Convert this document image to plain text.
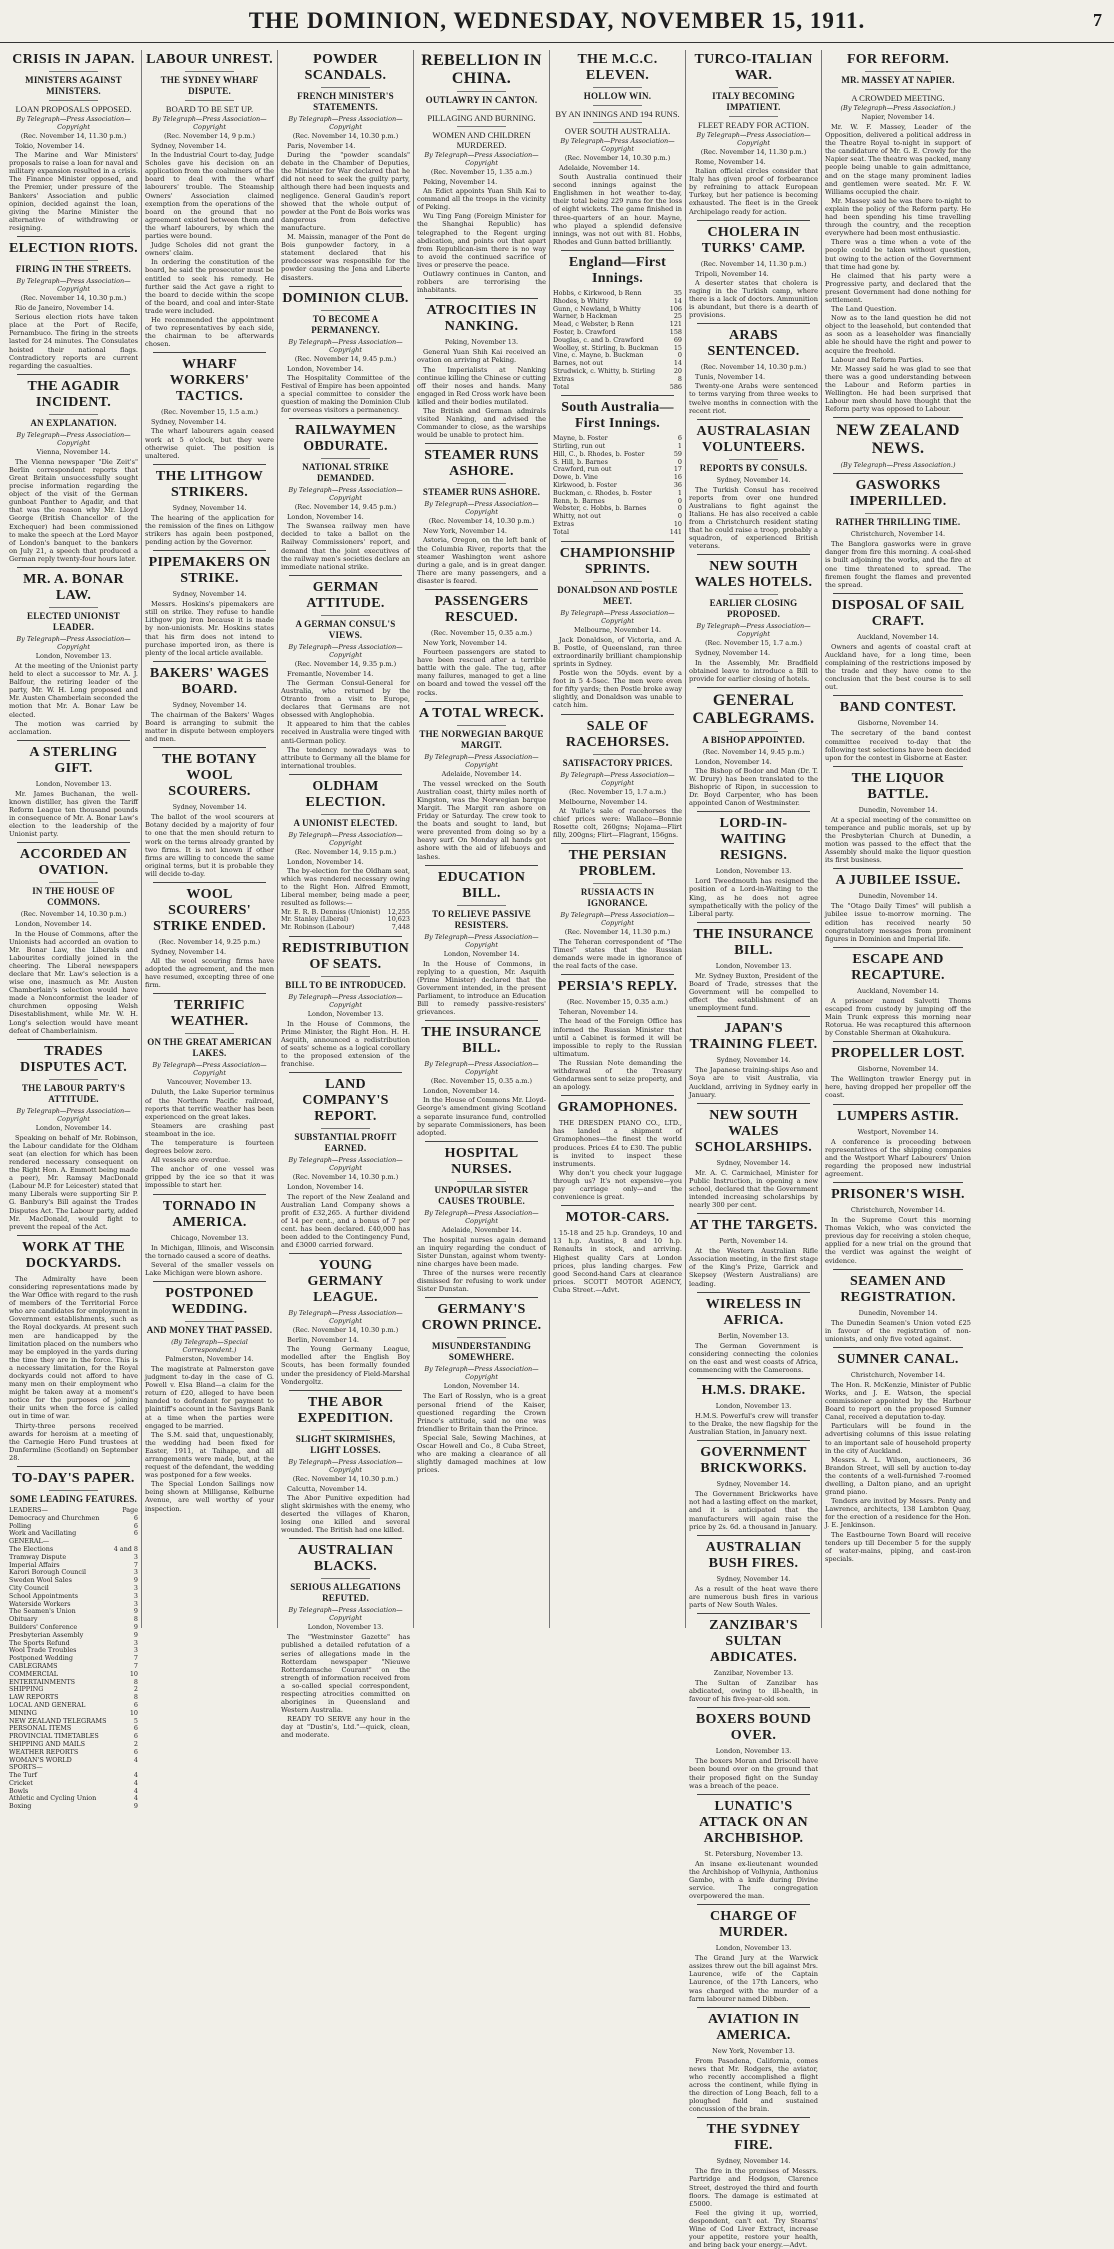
THE DOMINION, WEDNESDAY, NOVEMBER 15, 1911.	7
CRISIS IN JAPAN.
MINISTERS AGAINST MINISTERS.
LOAN PROPOSALS OPPOSED.
By Telegraph—Press Association—Copyright
(Rec. November 14, 11.30 p.m.)

Tokio, November 14.

The Marine and War Ministers' proposals to raise a loan for naval and military expansion resulted in a crisis. The Finance Minister opposed, and the Premier, under pressure of the Bankers' Association and public opinion, decided against the loan, giving the Marine Minister the alternative of withdrawing or resigning.

ELECTION RIOTS.
FIRING IN THE STREETS.
By Telegraph—Press Association—Copyright
(Rec. November 14, 10.30 p.m.)

Rio de Janeiro, November 14.

Serious election riots have taken place at the Port of Recife, Pernambuco. The firing in the streets lasted for 24 minutes. The Consulates hoisted their national flags. Contradictory reports are current regarding the casualties.

THE AGADIR INCIDENT.
AN EXPLANATION.
By Telegraph—Press Association—Copyright
Vienna, November 14.

The Vienna newspaper "Die Zeit's" Berlin correspondent reports that Great Britain unsuccessfully sought precise information regarding the object of the visit of the German gunboat Panther to Agadir, and that that was the reason why Mr. Lloyd George (British Chancellor of the Exchequer) had been commissioned to make the speech at the Lord Mayor of London's banquet to the bankers on July 21, a speech that produced a German reply twenty-four hours later.

MR. A. BONAR LAW.
ELECTED UNIONIST LEADER.
By Telegraph—Press Association—Copyright
London, November 13.

At the meeting of the Unionist party held to elect a successor to Mr. A. J. Balfour, the retiring leader of the party, Mr. W. H. Long proposed and Mr. Austen Chamberlain seconded the motion that Mr. A. Bonar Law be elected.

The motion was carried by acclamation.

A STERLING GIFT.
London, November 13.

Mr. James Buchanan, the well-known distiller, has given the Tariff Reform League ten thousand pounds in consequence of Mr. A. Bonar Law's election to the leadership of the Unionist party.

ACCORDED AN OVATION.
IN THE HOUSE OF COMMONS.
(Rec. November 14, 10.30 p.m.)

London, November 14.

In the House of Commons, after the Unionists had accorded an ovation to Mr. Bonar Law, the Liberals and Labourites cordially joined in the cheering. The Liberal newspapers declare that Mr. Law's selection is a wise one, inasmuch as Mr. Austen Chamberlain's selection would have made a Nonconformist the leader of churchmen opposing Welsh Disestablishment, while Mr. W. H. Long's selection would have meant defeat of Chamberlainism.

TRADES DISPUTES ACT.
THE LABOUR PARTY'S ATTITUDE.
By Telegraph—Press Association—Copyright
London, November 14.

Speaking on behalf of Mr. Robinson, the Labour candidate for the Oldham seat (an election for which has been rendered necessary consequent on the Right Hon. A. Emmott being made a peer), Mr. Ramsay MacDonald (Labour M.P. for Leicester) stated that many Liberals were supporting Sir P. G. Banbury's Bill against the Trades Disputes Act. The Labour party, added Mr. MacDonald, would fight to prevent the repeal of the Act.

WORK AT THE DOCKYARDS.

The Admiralty have been considering representations made by the War Office with regard to the rush of members of the Territorial Force who are candidates for employment in Government establishments, such as the Royal dockyards. At present such men are handicapped by the limitation placed on the numbers who may be employed in the yards during the time they are in the force. This is a necessary limitation, for the Royal dockyards could not afford to have many men on their employment who might be taken away at a moment's notice for the purposes of joining their units when the force is called out in time of war.

Thirty-three persons received awards for heroism at a meeting of the Carnegie Hero Fund trustees at Dunfermline (Scotland) on September 28.

TO-DAY'S PAPER.
SOME LEADING FEATURES.
LEADERS—	Page
Democracy and Churchmen	6
Polling	6
Work and Vacillating	6
GENERAL—
The Elections	4 and 8
Tramway Dispute	3
Imperial Affairs	7
Karori Borough Council	3
Sweden Wool Sales	9
City Council	3
School Appointments	3
Waterside Workers	3
The Seamen's Union	9
Obituary	8
Builders' Conference	9
Presbyterian Assembly	9
The Sports Refund	3
Wool Trade Troubles	3
Postponed Wedding	7
CABLEGRAMS	7
COMMERCIAL	10
ENTERTAINMENTS	8
SHIPPING	2
LAW REPORTS	8
LOCAL AND GENERAL	6
MINING	10
NEW ZEALAND TELEGRAMS	5
PERSONAL ITEMS	6
PROVINCIAL TIMETABLES	6
SHIPPING AND MAILS	2
WEATHER REPORTS	6
WOMAN'S WORLD	4
SPORTS—
The Turf	4
Cricket	4
Bowls	4
Athletic and Cycling Union	4
Boxing	9
LABOUR UNREST.
THE SYDNEY WHARF DISPUTE.
BOARD TO BE SET UP.
By Telegraph—Press Association—Copyright
(Rec. November 14, 9 p.m.)

Sydney, November 14.

In the Industrial Court to-day, Judge Scholes gave his decision on an application from the coalminers of the board to deal with the wharf labourers' trouble. The Steamship Owners' Association claimed exemption from the operations of the board on the ground that no agreement existed between them and the wharf labourers, by which the parties were bound.

Judge Scholes did not grant the owners' claim.

In ordering the constitution of the board, he said the prosecutor must be entitled to seek his remedy. He further said the Act gave a right to the board to decide within the scope of the board, and coal and inter-State trade were included.

He recommended the appointment of two representatives by each side, the chairman to be afterwards chosen.

WHARF WORKERS' TACTICS.
(Rec. November 15, 1.5 a.m.)

Sydney, November 14.

The wharf labourers again ceased work at 5 o'clock, but they were otherwise quiet. The position is unaltered.

THE LITHGOW STRIKERS.
Sydney, November 14.

The hearing of the application for the remission of the fines on Lithgow strikers has again been postponed, pending action by the Governor.

PIPEMAKERS ON STRIKE.
Sydney, November 14.

Messrs. Hoskins's pipemakers are still on strike. They refuse to handle Lithgow pig iron because it is made by non-unionists. Mr. Hoskins states that his firm does not intend to purchase imported iron, as there is plenty of the local article available.

BAKERS' WAGES BOARD.
Sydney, November 14.

The chairman of the Bakers' Wages Board is arranging to submit the matter in dispute between employers and men.

THE BOTANY WOOL SCOURERS.
Sydney, November 14.

The ballot of the wool scourers at Botany decided by a majority of four to one that the men should return to work on the terms already granted by two firms. It is not known if other firms are willing to concede the same original terms, but it is probable they will decide to-day.

WOOL SCOURERS' STRIKE ENDED.
(Rec. November 14, 9.25 p.m.)

Sydney, November 14.

All the wool scouring firms have adopted the agreement, and the men have resumed, excepting three of one firm.

TERRIFIC WEATHER.
ON THE GREAT AMERICAN LAKES.
By Telegraph—Press Association—Copyright
Vancouver, November 13.

Duluth, the Lake Superior terminus of the Northern Pacific railroad, reports that terrific weather has been experienced on the great lakes.

Steamers are crashing past steamboat in the ice.

The temperature is fourteen degrees below zero.

All vessels are overdue.

The anchor of one vessel was gripped by the ice so that it was impossible to start her.

TORNADO IN AMERICA.
Chicago, November 13.

In Michigan, Illinois, and Wisconsin the tornado caused a score of deaths.

Several of the smaller vessels on Lake Michigan were blown ashore.

POSTPONED WEDDING.
AND MONEY THAT PASSED.
(By Telegraph—Special Correspondent.)
Palmerston, November 14.

The magistrate at Palmerston gave judgment to-day in the case of G. Powell v. Elsa Bland—a claim for the return of £20, alleged to have been handed to defendant for payment to plaintiff's account in the Savings Bank at a time when the parties were engaged to be married.

The S.M. said that, unquestionably, the wedding had been fixed for Easter, 1911, at Taihape, and all arrangements were made, but, at the request of the defendant, the wedding was postponed for a few weeks.

The Special London Sailings now being shown at Milliganse, Kelburne Avenue, are well worthy of your inspection.

POWDER SCANDALS.
FRENCH MINISTER'S STATEMENTS.
By Telegraph—Press Association—Copyright
(Rec. November 14, 10.30 p.m.)

Paris, November 14.

During the "powder scandals" debate in the Chamber of Deputies, the Minister for War declared that he did not need to seek the guilty party, although there had been inquests and negligence. General Gaudin's report showed that the whole output of powder at the Pont de Bois works was dangerous from defective manufacture.

M. Maissin, manager of the Pont de Bois gunpowder factory, in a statement declared that his predecessor was responsible for the powder causing the Jena and Liberte disasters.

DOMINION CLUB.
TO BECOME A PERMANENCY.
By Telegraph—Press Association—Copyright
(Rec. November 14, 9.45 p.m.)

London, November 14.

The Hospitality Committee of the Festival of Empire has been appointed a special committee to consider the question of making the Dominion Club for overseas visitors a permanency.

RAILWAYMEN OBDURATE.
NATIONAL STRIKE DEMANDED.
By Telegraph—Press Association—Copyright
(Rec. November 14, 9.45 p.m.)

London, November 14.

The Swansea railway men have decided to take a ballot on the Railway Commissioners' report, and demand that the joint executives of the railway men's societies declare an immediate national strike.

GERMAN ATTITUDE.
A GERMAN CONSUL'S VIEWS.
By Telegraph—Press Association—Copyright
(Rec. November 14, 9.35 p.m.)

Fremantle, November 14.

The German Consul-General for Australia, who returned by the Otranto from a visit to Europe, declares that Germans are not obsessed with Anglophobia.

It appeared to him that the cables received in Australia were tinged with anti-German policy.

The tendency nowadays was to attribute to Germany all the blame for international troubles.

OLDHAM ELECTION.
A UNIONIST ELECTED.
By Telegraph—Press Association—Copyright
(Rec. November 14, 9.15 p.m.)

London, November 14.

The by-election for the Oldham seat, which was rendered necessary owing to the Right Hon. Alfred Emmott, Liberal member, being made a peer, resulted as follows:—

Mr. E. R. B. Denniss (Unionist) 12,255
Mr. Stanley (Liberal)	10,623
Mr. Robinson (Labour)	7,448
REDISTRIBUTION OF SEATS.
BILL TO BE INTRODUCED.
By Telegraph—Press Association—Copyright
London, November 13.

In the House of Commons, the Prime Minister, the Right Hon. H. H. Asquith, announced a redistribution of seats' scheme as a logical corollary to the proposed extension of the franchise.

LAND COMPANY'S REPORT.
SUBSTANTIAL PROFIT EARNED.
By Telegraph—Press Association—Copyright
(Rec. November 14, 10.30 p.m.)

London, November 14.

The report of the New Zealand and Australian Land Company shows a profit of £32,265. A further dividend of 14 per cent., and a bonus of 7 per cent. has been declared. £40,000 has been added to the Contingency Fund, and £3000 carried forward.

YOUNG GERMANY LEAGUE.
By Telegraph—Press Association—Copyright
(Rec. November 14, 10.30 p.m.)

Berlin, November 14.

The Young Germany League, modelled after the English Boy Scouts, has been formally founded under the presidency of Field-Marshal Vondergoltz.

THE ABOR EXPEDITION.
SLIGHT SKIRMISHES, LIGHT LOSSES.
By Telegraph—Press Association—Copyright
(Rec. November 14, 10.30 p.m.)

Calcutta, November 14.

The Abor Punitive expedition had slight skirmishes with the enemy, who deserted the villages of Kharon, losing one killed and several wounded. The British had one killed.

AUSTRALIAN BLACKS.
SERIOUS ALLEGATIONS REFUTED.
By Telegraph—Press Association—Copyright
London, November 13.

The "Westminster Gazette" has published a detailed refutation of a series of allegations made in the Rotterdam newspaper "Nieuwe Rotterdamsche Courant" on the strength of information received from a so-called special correspondent, respecting atrocities committed on aborigines in Queensland and Western Australia.

READY TO SERVE any hour in the day at "Dustin's, Ltd."—quick, clean, and moderate.

REBELLION IN CHINA.
OUTLAWRY IN CANTON.
PILLAGING AND BURNING.
WOMEN AND CHILDREN MURDERED.
By Telegraph—Press Association—Copyright
(Rec. November 15, 1.35 a.m.)

Peking, November 14.

An Edict appoints Yuan Shih Kai to command all the troops in the vicinity of Peking.

Wu Ting Fang (Foreign Minister for the Shanghai Republic) has telegraphed to the Regent urging abdication, and points out that apart from Republican-ism there is no way to avoid the continued sacrifice of lives or preserve the peace.

Outlawry continues in Canton, and robbers are terrorising the inhabitants.

ATROCITIES IN NANKING.
Peking, November 13.

General Yuan Shih Kai received an ovation on arriving at Peking.

The Imperialists at Nanking continue killing the Chinese or cutting off their noses and hands. Many engaged in Red Cross work have been killed and their bodies mutilated.

The British and German admirals visited Nanking, and advised the Commander to close, as the warships would be unable to protect him.

STEAMER RUNS ASHORE.
STEAMER RUNS ASHORE.
By Telegraph—Press Association—Copyright
(Rec. November 14, 10.30 p.m.)

New York, November 14.

Astoria, Oregon, on the left bank of the Columbia River, reports that the steamer Washington went ashore during a gale, and is in great danger. There are many passengers, and a disaster is feared.

PASSENGERS RESCUED.
(Rec. November 15, 0.35 a.m.)

New York, November 14.

Fourteen passengers are stated to have been rescued after a terrible battle with the gale. The tug, after many failures, managed to get a line on board and towed the vessel off the rocks.

A TOTAL WRECK.
THE NORWEGIAN BARQUE MARGIT.
By Telegraph—Press Association—Copyright
Adelaide, November 14.

The vessel wrecked on the South Australian coast, thirty miles north of Kingston, was the Norwegian barque Margit. The Margit ran ashore on Friday or Saturday. The crew took to the boats and sought to land, but were prevented from doing so by a heavy surf. On Monday all hands got ashore with the aid of lifebuoys and lashes.

EDUCATION BILL.
TO RELIEVE PASSIVE RESISTERS.
By Telegraph—Press Association—Copyright
London, November 14.

In the House of Commons, in replying to a question, Mr. Asquith (Prime Minister) declared that the Government intended, in the present Parliament, to introduce an Education Bill to remedy passive-resisters' grievances.

THE INSURANCE BILL.
By Telegraph—Press Association—Copyright
(Rec. November 15, 0.35 a.m.)

London, November 14.

In the House of Commons Mr. Lloyd-George's amendment giving Scotland a separate insurance fund, controlled by separate Commissioners, has been adopted.

HOSPITAL NURSES.
UNPOPULAR SISTER CAUSES TROUBLE.
By Telegraph—Press Association—Copyright
Adelaide, November 14.

The hospital nurses again demand an inquiry regarding the conduct of Sister Dunstan, against whom twenty-nine charges have been made.

Three of the nurses were recently dismissed for refusing to work under Sister Dunstan.

GERMANY'S CROWN PRINCE.
MISUNDERSTANDING SOMEWHERE.
By Telegraph—Press Association—Copyright
London, November 14.

The Earl of Rosslyn, who is a great personal friend of the Kaiser, questioned regarding the Crown Prince's attitude, said no one was friendlier to Britain than the Prince.

Special Sale, Sewing Machines, at Oscar Howell and Co., 8 Cuba Street, who are making a clearance of all slightly damaged machines at low prices.

THE M.C.C. ELEVEN.
HOLLOW WIN.
BY AN INNINGS AND 194 RUNS.
OVER SOUTH AUSTRALIA.
By Telegraph—Press Association—Copyright
(Rec. November 14, 10.30 p.m.)

Adelaide, November 14.

South Australia continued their second innings against the Englishmen in hot weather to-day, their total being 229 runs for the loss of eight wickets. The game finished in three-quarters of an hour. Mayne, who played a splendid defensive innings, was not out with 81. Hobbs, Rhodes and Gunn batted brilliantly.

England—First Innings.
Hobbs, c Kirkwood, b Renn	35
Rhodes, b Whitty	14
Gunn, c Newland, b Whitty	106
Warner, b Hackman	25
Mead, c Webster, b Renn	121
Foster, b. Crawford	158
Douglas, c. and b. Crawford	69
Woolley, st. Stirling, b. Buckman 15
Vine, c. Mayne, b. Buckman	0
Barnes, not out	14
Strudwick, c. Whitty, b. Stirling	20
Extras	8
Total	586
South Australia—First Innings.
Mayne, b. Foster	6
Stirling, run out	1
Hill, C., b. Rhodes, b. Foster	59
S. Hill, b. Barnes	0
Crawford, run out	17
Dowe, b. Vine	16
Kirkwood, b. Foster	36
Buckman, c. Rhodes, b. Foster	1
Renn, b. Barnes	0
Webster, c. Hobbs, b. Barnes	0
Whitty, not out	0
Extras	10
Total	141
CHAMPIONSHIP SPRINTS.
DONALDSON AND POSTLE MEET.
By Telegraph—Press Association—Copyright
Melbourne, November 14.

Jack Donaldson, of Victoria, and A. B. Postle, of Queensland, ran three extraordinarily brilliant championship sprints in Sydney.

Postle won the 50yds. event by a foot in 5 4-5sec. The men were even for fifty yards; then Postle broke away slightly, and Donaldson was unable to catch him.

SALE OF RACEHORSES.
SATISFACTORY PRICES.
By Telegraph—Press Association—Copyright
(Rec. November 15, 1.7 a.m.)

Melbourne, November 14.

At Yuille's sale of racehorses the chief prices were: Wallace—Bonnie Rosette colt, 260gns; Nojama—Flirt filly, 200gns; Flirt—Flagrant, 156gns.

THE PERSIAN PROBLEM.
RUSSIA ACTS IN IGNORANCE.
By Telegraph—Press Association—Copyright
(Rec. November 14, 11.30 p.m.)

The Teheran correspondent of "The Times" states that the Russian demands were made in ignorance of the real facts of the case.

PERSIA'S REPLY.
(Rec. November 15, 0.35 a.m.)

Teheran, November 14.

The head of the Foreign Office has informed the Russian Minister that until a Cabinet is formed it will be impossible to reply to the Russian ultimatum.

The Russian Note demanding the withdrawal of the Treasury Gendarmes sent to seize property, and an apology.

GRAMOPHONES.

THE DRESDEN PIANO CO., LTD., has landed a shipment of Gramophones—the finest the world produces. Prices £4 to £30. The public is invited to inspect these instruments.

Why don't you check your luggage through us? It's not expensive—you pay carriage only—and the convenience is great.

MOTOR-CARS.

15-18 and 25 h.p. Grandeys, 10 and 13 h.p. Austins, 8 and 10 h.p. Renaults in stock, and arriving. Highest quality Cars at London prices, plus landing charges. Few good Second-hand Cars at clearance prices. SCOTT MOTOR AGENCY, Cuba Street.—Advt.

TURCO-ITALIAN WAR.
ITALY BECOMING IMPATIENT.
FLEET READY FOR ACTION.
By Telegraph—Press Association—Copyright
(Rec. November 14, 11.30 p.m.)

Rome, November 14.

Italian official circles consider that Italy has given proof of forbearance by refraining to attack European Turkey, but her patience is becoming exhausted. The fleet is in the Greek Archipelago ready for action.

CHOLERA IN TURKS' CAMP.
(Rec. November 14, 11.30 p.m.)

Tripoli, November 14.

A deserter states that cholera is raging in the Turkish camp, where there is a lack of doctors. Ammunition is abundant, but there is a dearth of provisions.

ARABS SENTENCED.
(Rec. November 14, 10.30 p.m.)

Tunis, November 14.

Twenty-one Arabs were sentenced to terms varying from three weeks to twelve months in connection with the recent riot.

AUSTRALASIAN VOLUNTEERS.
REPORTS BY CONSULS.
Sydney, November 14.

The Turkish Consul has received reports from over one hundred Australians to fight against the Italians. He has also received a cable from a Christchurch resident stating that he could raise a troop, probably a squadron, of experienced British veterans.

NEW SOUTH WALES HOTELS.
EARLIER CLOSING PROPOSED.
By Telegraph—Press Association—Copyright
(Rec. November 15, 1.7 a.m.)

Sydney, November 14.

In the Assembly, Mr. Bradfield obtained leave to introduce a Bill to provide for earlier closing of hotels.

GENERAL CABLEGRAMS.
A BISHOP APPOINTED.
(Rec. November 14, 9.45 p.m.)

London, November 14.

The Bishop of Bodor and Man (Dr. T. W. Drury) has been translated to the Bishopric of Ripon, in succession to Dr. Boyd Carpenter, who has been appointed Canon of Westminster.

LORD-IN-WAITING RESIGNS.
London, November 13.

Lord Tweedmouth has resigned the position of a Lord-in-Waiting to the King, as he does not agree sympathetically with the policy of the Liberal party.

THE INSURANCE BILL.
London, November 13.

Mr. Sydney Buxton, President of the Board of Trade, stresses that the Government will be compelled to effect the establishment of an unemployment fund.

JAPAN'S TRAINING FLEET.
Sydney, November 14.

The Japanese training-ships Aso and Soya are to visit Australia, via Auckland, arriving in Sydney early in January.

NEW SOUTH WALES SCHOLARSHIPS.
Sydney, November 14.

Mr. A. C. Carmichael, Minister for Public Instruction, in opening a new school, declared that the Government intended increasing scholarships by nearly 300 per cent.

AT THE TARGETS.
Perth, November 14.

At the Western Australian Rifle Association meeting, in the first stage of the King's Prize, Garrick and Skepsey (Western Australians) are leading.

WIRELESS IN AFRICA.
Berlin, November 13.

The German Government is considering connecting the colonies on the east and west coasts of Africa, commencing with the Cameroons.

H.M.S. DRAKE.
London, November 13.

H.M.S. Powerful's crew will transfer to the Drake, the new flagship for the Australian Station, in January next.

GOVERNMENT BRICKWORKS.
Sydney, November 14.

The Government Brickworks have not had a lasting effect on the market, and it is anticipated that the manufacturers will again raise the price by 2s. 6d. a thousand in January.

AUSTRALIAN BUSH FIRES.
Sydney, November 14.

As a result of the heat wave there are numerous bush fires in various parts of New South Wales.

ZANZIBAR'S SULTAN ABDICATES.
Zanzibar, November 13.

The Sultan of Zanzibar has abdicated, owing to ill-health, in favour of his five-year-old son.

BOXERS BOUND OVER.
London, November 13.

The boxers Moran and Driscoll have been bound over on the ground that their proposed fight on the Sunday was a breach of the peace.

LUNATIC'S ATTACK ON AN ARCHBISHOP.
St. Petersburg, November 13.

An insane ex-lieutenant wounded the Archbishop of Volhynia, Anthonius Gambo, with a knife during Divine service. The congregation overpowered the man.

CHARGE OF MURDER.
London, November 13.

The Grand Jury at the Warwick assizes threw out the bill against Mrs. Laurence, wife of the Captain Laurence, of the 17th Lancers, who was charged with the murder of a farm labourer named Dibben.

AVIATION IN AMERICA.
New York, November 13.

From Pasadena, California, comes news that Mr. Rodgers, the aviator, who recently accomplished a flight across the continent, while flying in the direction of Long Beach, fell to a ploughed field and sustained concussion of the brain.

THE SYDNEY FIRE.
Sydney, November 14.

The fire in the premises of Messrs. Partridge and Hodgson, Clarence Street, destroyed the third and fourth floors. The damage is estimated at £5000.

Feel the giving it up, worried, despondent, can't eat. Try Stearns' Wine of Cod Liver Extract, increase your appetite, restore your health, and bring back your energy.—Advt.

FOR REFORM.
MR. MASSEY AT NAPIER.
A CROWDED MEETING.
(By Telegraph—Press Association.)
Napier, November 14.

Mr. W. F. Massey, Leader of the Opposition, delivered a political address in the Theatre Royal to-night in support of the candidature of Mr. G. E. Crowly for the Napier seat. The theatre was packed, many people being unable to gain admittance, and on the stage many prominent ladies and gentlemen were seated. Mr. F. W. Williams occupied the chair.

Mr. Massey said he was there to-night to explain the policy of the Reform party. He had been spending his time travelling through the country, and the reception everywhere had been most enthusiastic.

There was a time when a vote of the people could be taken without question, but owing to the action of the Government that time had gone by.

He claimed that his party were a Progressive party, and declared that the present Government had done nothing for settlement.

The Land Question.

Now as to the land question he did not object to the leasehold, but contended that as soon as a leaseholder was financially able he should have the right and power to acquire the freehold.

Labour and Reform Parties.

Mr. Massey said he was glad to see that there was a good understanding between the Labour and Reform parties in Wellington. He had been surprised that Labour men should have thought that the Reform party was opposed to Labour.

NEW ZEALAND NEWS.
(By Telegraph—Press Association.)
GASWORKS IMPERILLED.
RATHER THRILLING TIME.
Christchurch, November 14.

The Banglora gasworks were in grave danger from fire this morning. A coal-shed is built adjoining the works, and the fire at one time threatened to spread. The firemen fought the flames and prevented the spread.

DISPOSAL OF SAIL CRAFT.
Auckland, November 14.

Owners and agents of coastal craft at Auckland have, for a long time, been complaining of the restrictions imposed by the trade and they have come to the conclusion that the best course is to sell out.

BAND CONTEST.
Gisborne, November 14.

The secretary of the band contest committee received to-day that the following test selections have been decided upon for the contest in Gisborne at Easter.

THE LIQUOR BATTLE.
Dunedin, November 14.

At a special meeting of the committee on temperance and public morals, set up by the Presbyterian Church at Dunedin, a motion was passed to the effect that the Assembly should make the liquor question its first business.

A JUBILEE ISSUE.
Dunedin, November 14.

The "Otago Daily Times" will publish a jubilee issue to-morrow morning. The edition has received nearly 50 congratulatory messages from prominent figures in Dominion and Imperial life.

ESCAPE AND RECAPTURE.
Auckland, November 14.

A prisoner named Salvetti Thoms escaped from custody by jumping off the Main Trunk express this morning near Rotorua. He was recaptured this afternoon by Constable Sherman at Okahukura.

PROPELLER LOST.
Gisborne, November 14.

The Wellington trawler Energy put in here, having dropped her propeller off the coast.

LUMPERS ASTIR.
Westport, November 14.

A conference is proceeding between representatives of the shipping companies and the Westport Wharf Labourers' Union regarding the proposed new industrial agreement.

PRISONER'S WISH.
Christchurch, November 14.

In the Supreme Court this morning Thomas Vekich, who was convicted the previous day for receiving a stolen cheque, applied for a new trial on the ground that the verdict was against the weight of evidence.

SEAMEN AND REGISTRATION.
Dunedin, November 14.

The Dunedin Seamen's Union voted £25 in favour of the registration of non-unionists, and only five voted against.

SUMNER CANAL.
Christchurch, November 14.

The Hon. R. McKenzie, Minister of Public Works, and J. E. Watson, the special commissioner appointed by the Harbour Board to report on the proposed Sumner Canal, received a deputation to-day.

Particulars will be found in the advertising columns of this issue relating to an important sale of household property in the city of Auckland.

Messrs. A. L. Wilson, auctioneers, 36 Brandon Street, will sell by auction to-day the contents of a well-furnished 7-roomed dwelling, a Dalton piano, and an upright grand piano.

Tenders are invited by Messrs. Penty and Lawrence, architects, 138 Lambton Quay, for the erection of a residence for the Hon. J. E. Jenkinson.

The Eastbourne Town Board will receive tenders up till December 5 for the supply of water-mains, piping, and cast-iron specials.
